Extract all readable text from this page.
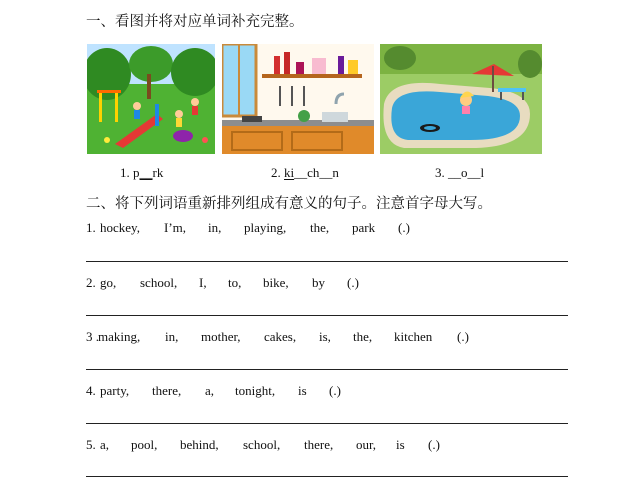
一、看图并将对应单词补充完整。
1. p__rk	2. ki__ch__n	3. __o__l
二、将下列词语重新排列组成有意义的句子。注意首字母大写。
1. hockey, I’m, in, playing, the, park (.)
2. go, school, I, to, bike, by (.)
3 . making, in, mother, cakes, is, the, kitchen (.)
4. party, there, a, tonight, is (.)
5. a, pool, behind, school, there, our, is (.)
